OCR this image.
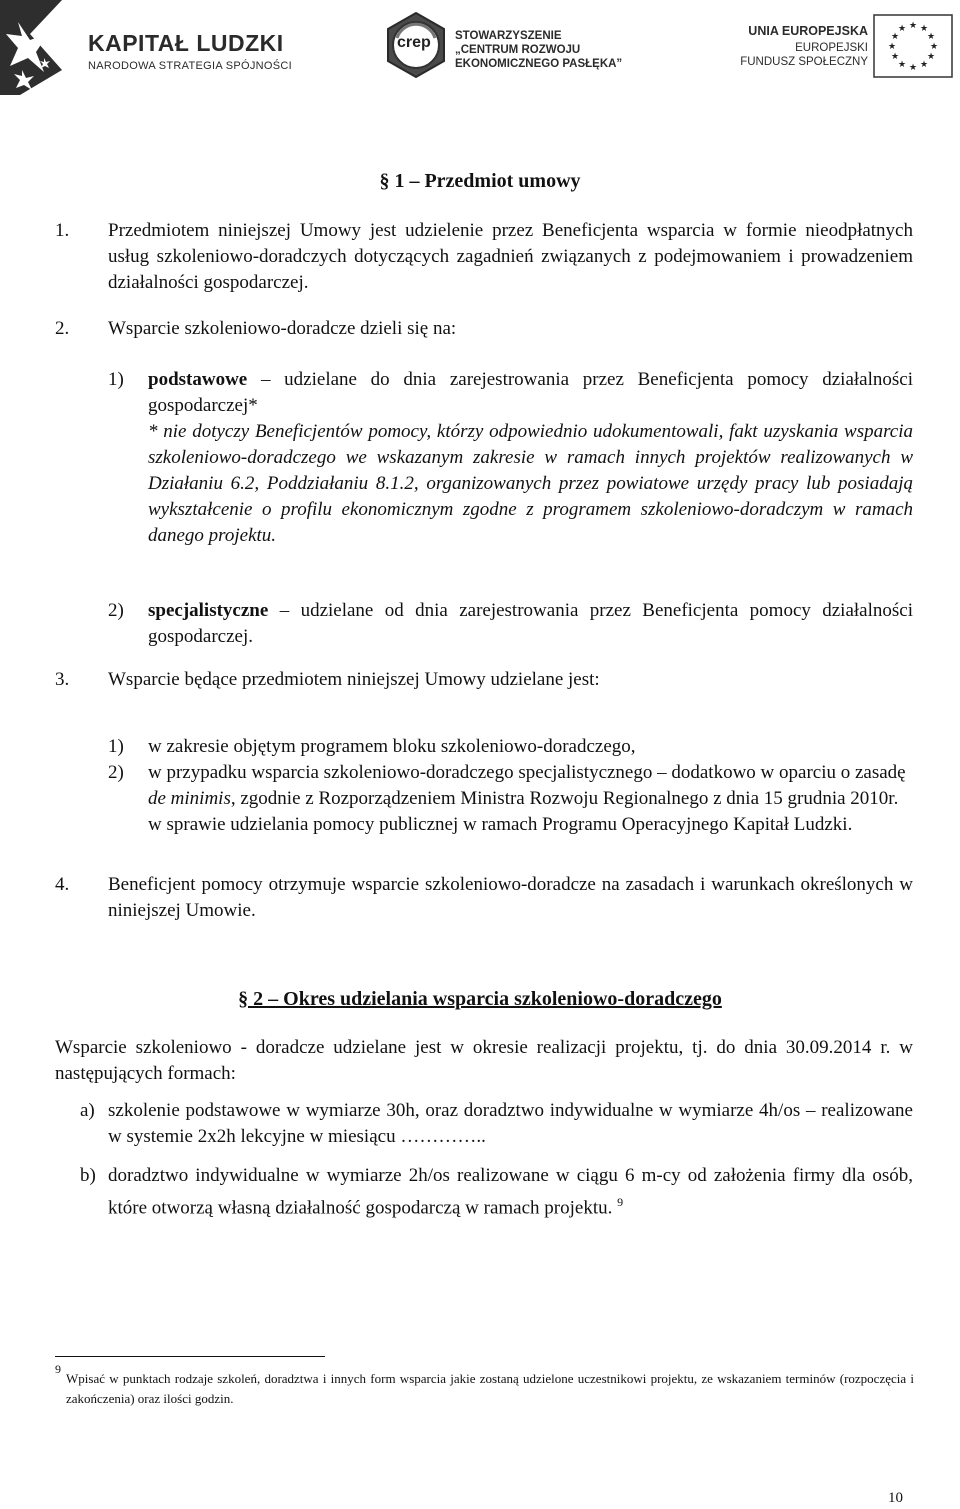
KAPITAŁ LUDZKI
NARODOWA STRATEGIA SPÓJNOŚCI
crep STOWARZYSZENIE
„CENTRUM ROZWOJU
EKONOMICZNEGO PASŁĘKA”
UNIA EUROPEJSKA
EUROPEJSKI
FUNDUSZ SPOŁECZNY
★ ★
★
★
★
★
★
★
★
★
★
★
§ 1 – Przedmiot umowy
1. Przedmiotem niniejszej Umowy jest udzielenie przez Beneficjenta wsparcia w formie nieodpłatnych usług szkoleniowo-doradczych dotyczących zagadnień związanych z podejmowaniem i prowadzeniem działalności gospodarczej.
2. Wsparcie szkoleniowo-doradcze dzieli się na:
1) podstawowe – udzielane do dnia zarejestrowania przez Beneficjenta pomocy działalności gospodarczej*
* nie dotyczy Beneficjentów pomocy, którzy odpowiednio udokumentowali, fakt uzyskania wsparcia szkoleniowo-doradczego we wskazanym zakresie w ramach innych projektów realizowanych w Działaniu 6.2, Poddziałaniu 8.1.2, organizowanych przez powiatowe urzędy pracy lub posiadają wykształcenie o profilu ekonomicznym zgodne z programem szkoleniowo-doradczym w ramach danego projektu.
2) specjalistyczne – udzielane od dnia zarejestrowania przez Beneficjenta pomocy działalności gospodarczej.
3. Wsparcie będące przedmiotem niniejszej Umowy udzielane jest:
1) w zakresie objętym programem bloku szkoleniowo-doradczego,
2) w przypadku wsparcia szkoleniowo-doradczego specjalistycznego – dodatkowo w oparciu o zasadę de minimis, zgodnie z Rozporządzeniem Ministra Rozwoju Regionalnego z dnia 15 grudnia 2010r. w sprawie udzielania pomocy publicznej w ramach Programu Operacyjnego Kapitał Ludzki.
4. Beneficjent pomocy otrzymuje wsparcie szkoleniowo-doradcze na zasadach i warunkach określonych w niniejszej Umowie.
§ 2 – Okres udzielania wsparcia szkoleniowo-doradczego
Wsparcie szkoleniowo - doradcze udzielane jest w okresie realizacji projektu, tj. do dnia 30.09.2014 r. w następujących formach:
a) szkolenie podstawowe w wymiarze 30h, oraz doradztwo indywidualne w wymiarze 4h/os – realizowane w systemie 2x2h lekcyjne w miesiącu …………..
b) doradztwo indywidualne w wymiarze 2h/os realizowane w ciągu 6 m-cy od założenia firmy dla osób, które otworzą własną działalność gospodarczą w ramach projektu. $^9$
9
Wpisać w punktach rodzaje szkoleń, doradztwa i innych form wsparcia jakie zostaną udzielone uczestnikowi projektu, ze wskazaniem terminów (rozpoczęcia i zakończenia) oraz ilości godzin.
10
